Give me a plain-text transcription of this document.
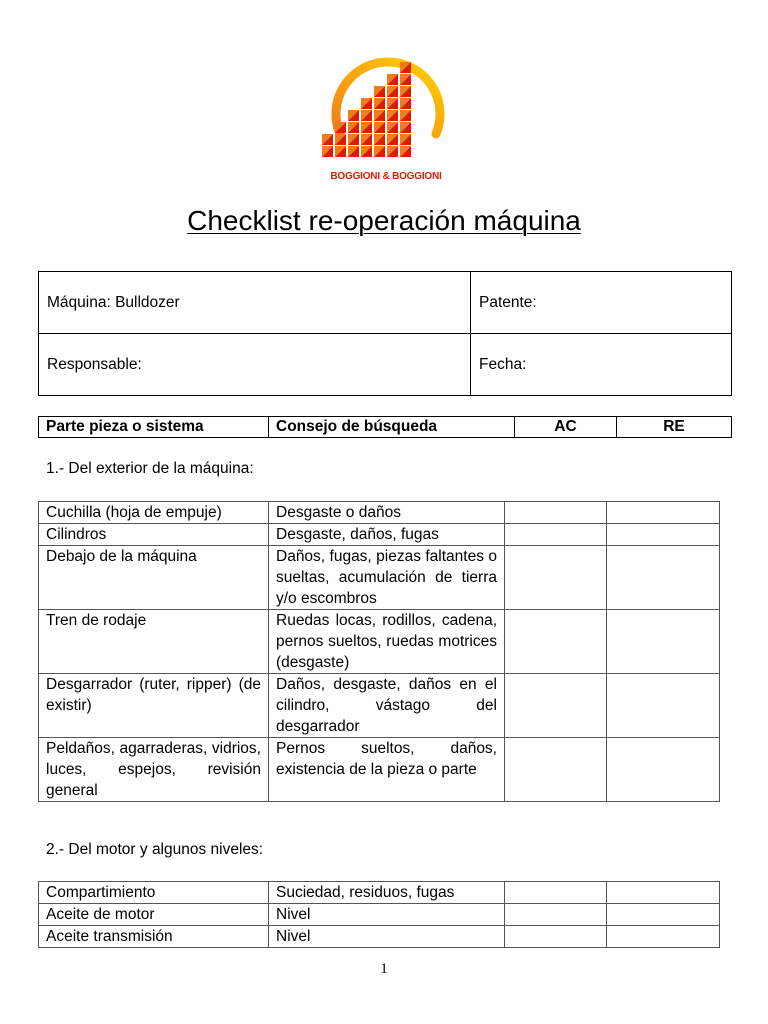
BOGGIONI & BOGGIONI
Checklist re-operación máquina
Máquina: Bulldozer	Patente:
Responsable:	Fecha:
Parte pieza o sistema	Consejo de búsqueda	AC	RE
1.- Del exterior de la máquina:
Cuchilla (hoja de empuje)	Desgaste o daños		
Cilindros	Desgaste, daños, fugas		
Debajo de la máquina	Daños, fugas, piezas faltantes o sueltas, acumulación de tierra y/o escombros		
Tren de rodaje	Ruedas locas, rodillos, cadena, pernos sueltos, ruedas motrices (desgaste)		
Desgarrador (ruter, ripper) (de existir)	Daños, desgaste, daños en el cilindro, vástago del desgarrador		
Peldaños, agarraderas, vidrios, luces, espejos, revisión general	Pernos sueltos, daños, existencia de la pieza o parte		
2.- Del motor y algunos niveles:
Compartimiento	Suciedad, residuos, fugas		
Aceite de motor	Nivel		
Aceite transmisión	Nivel		
1
